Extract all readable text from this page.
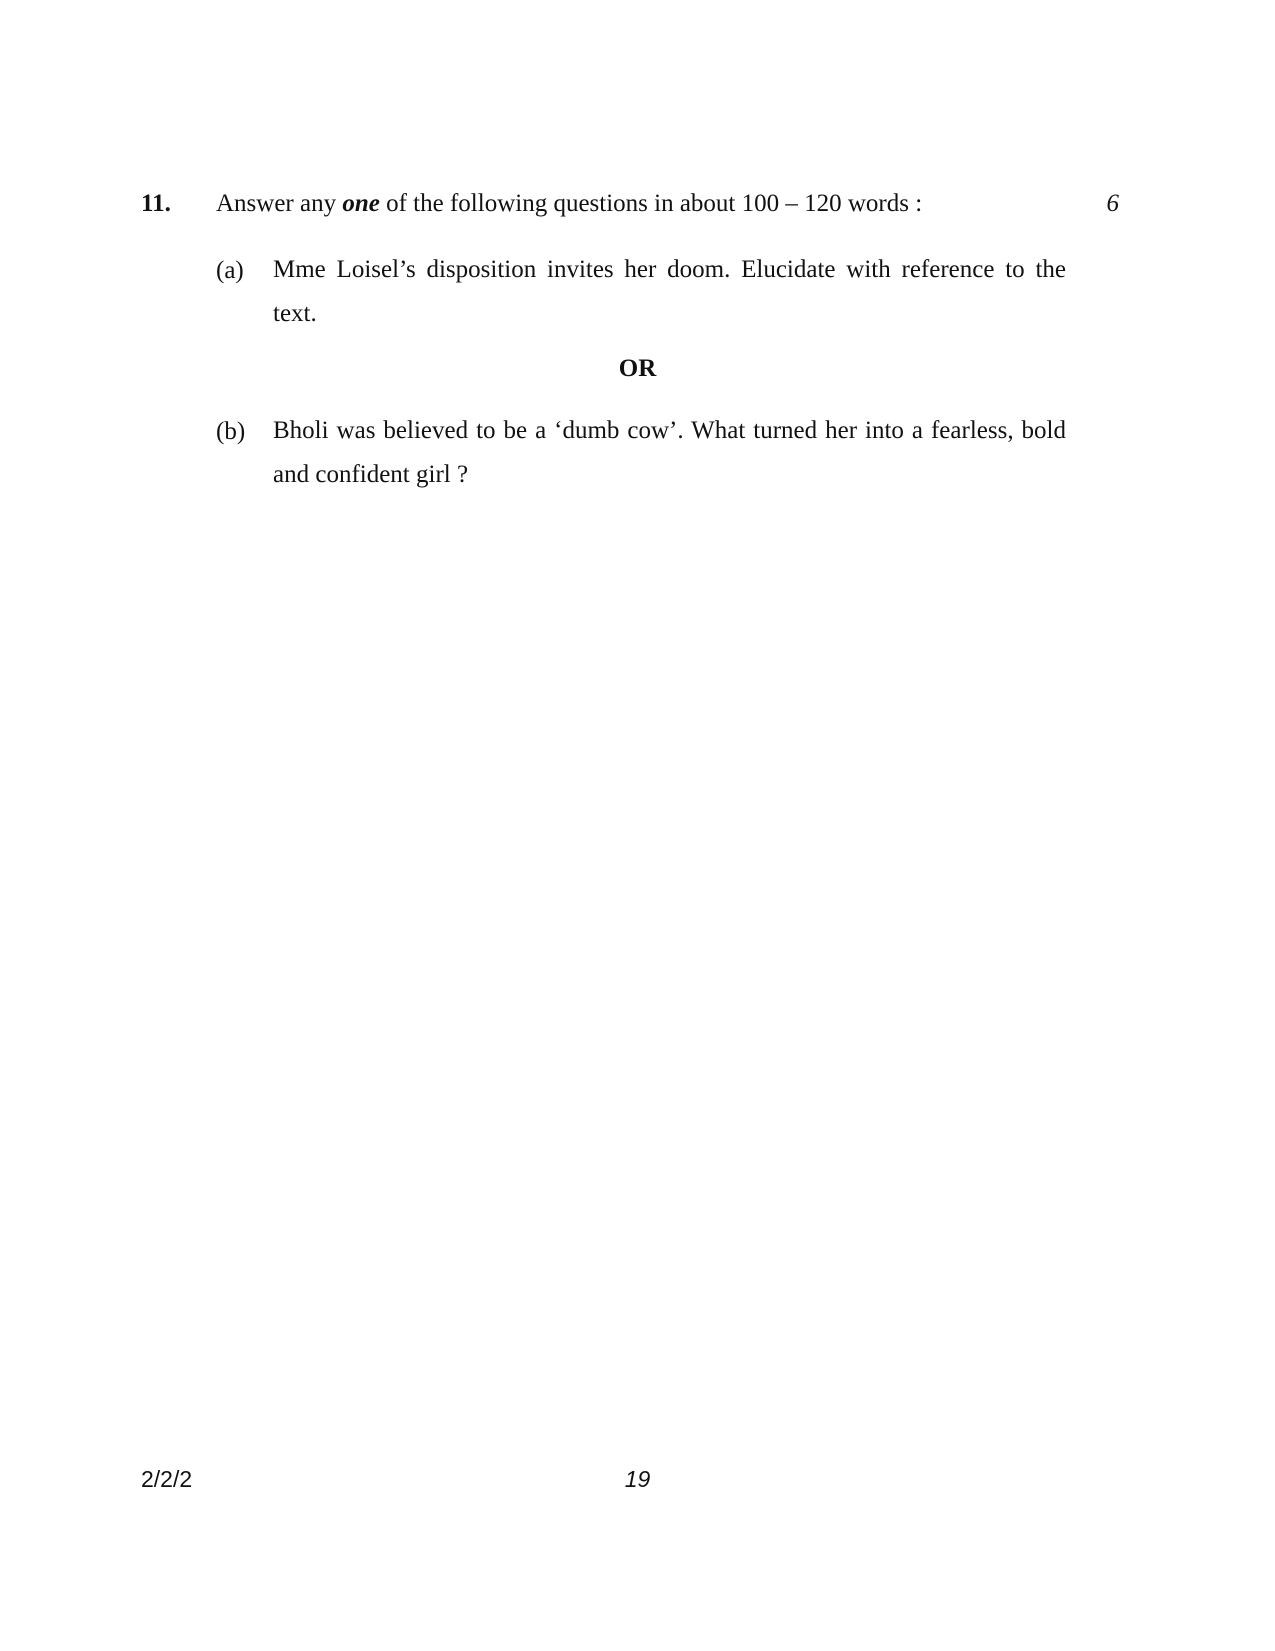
11. Answer any one of the following questions in about 100 – 120 words :	6
(a) Mme Loisel’s disposition invites her doom. Elucidate with reference to the text.
OR
(b) Bholi was believed to be a ‘dumb cow’. What turned her into a fearless, bold and confident girl ?
2/2/2	19
